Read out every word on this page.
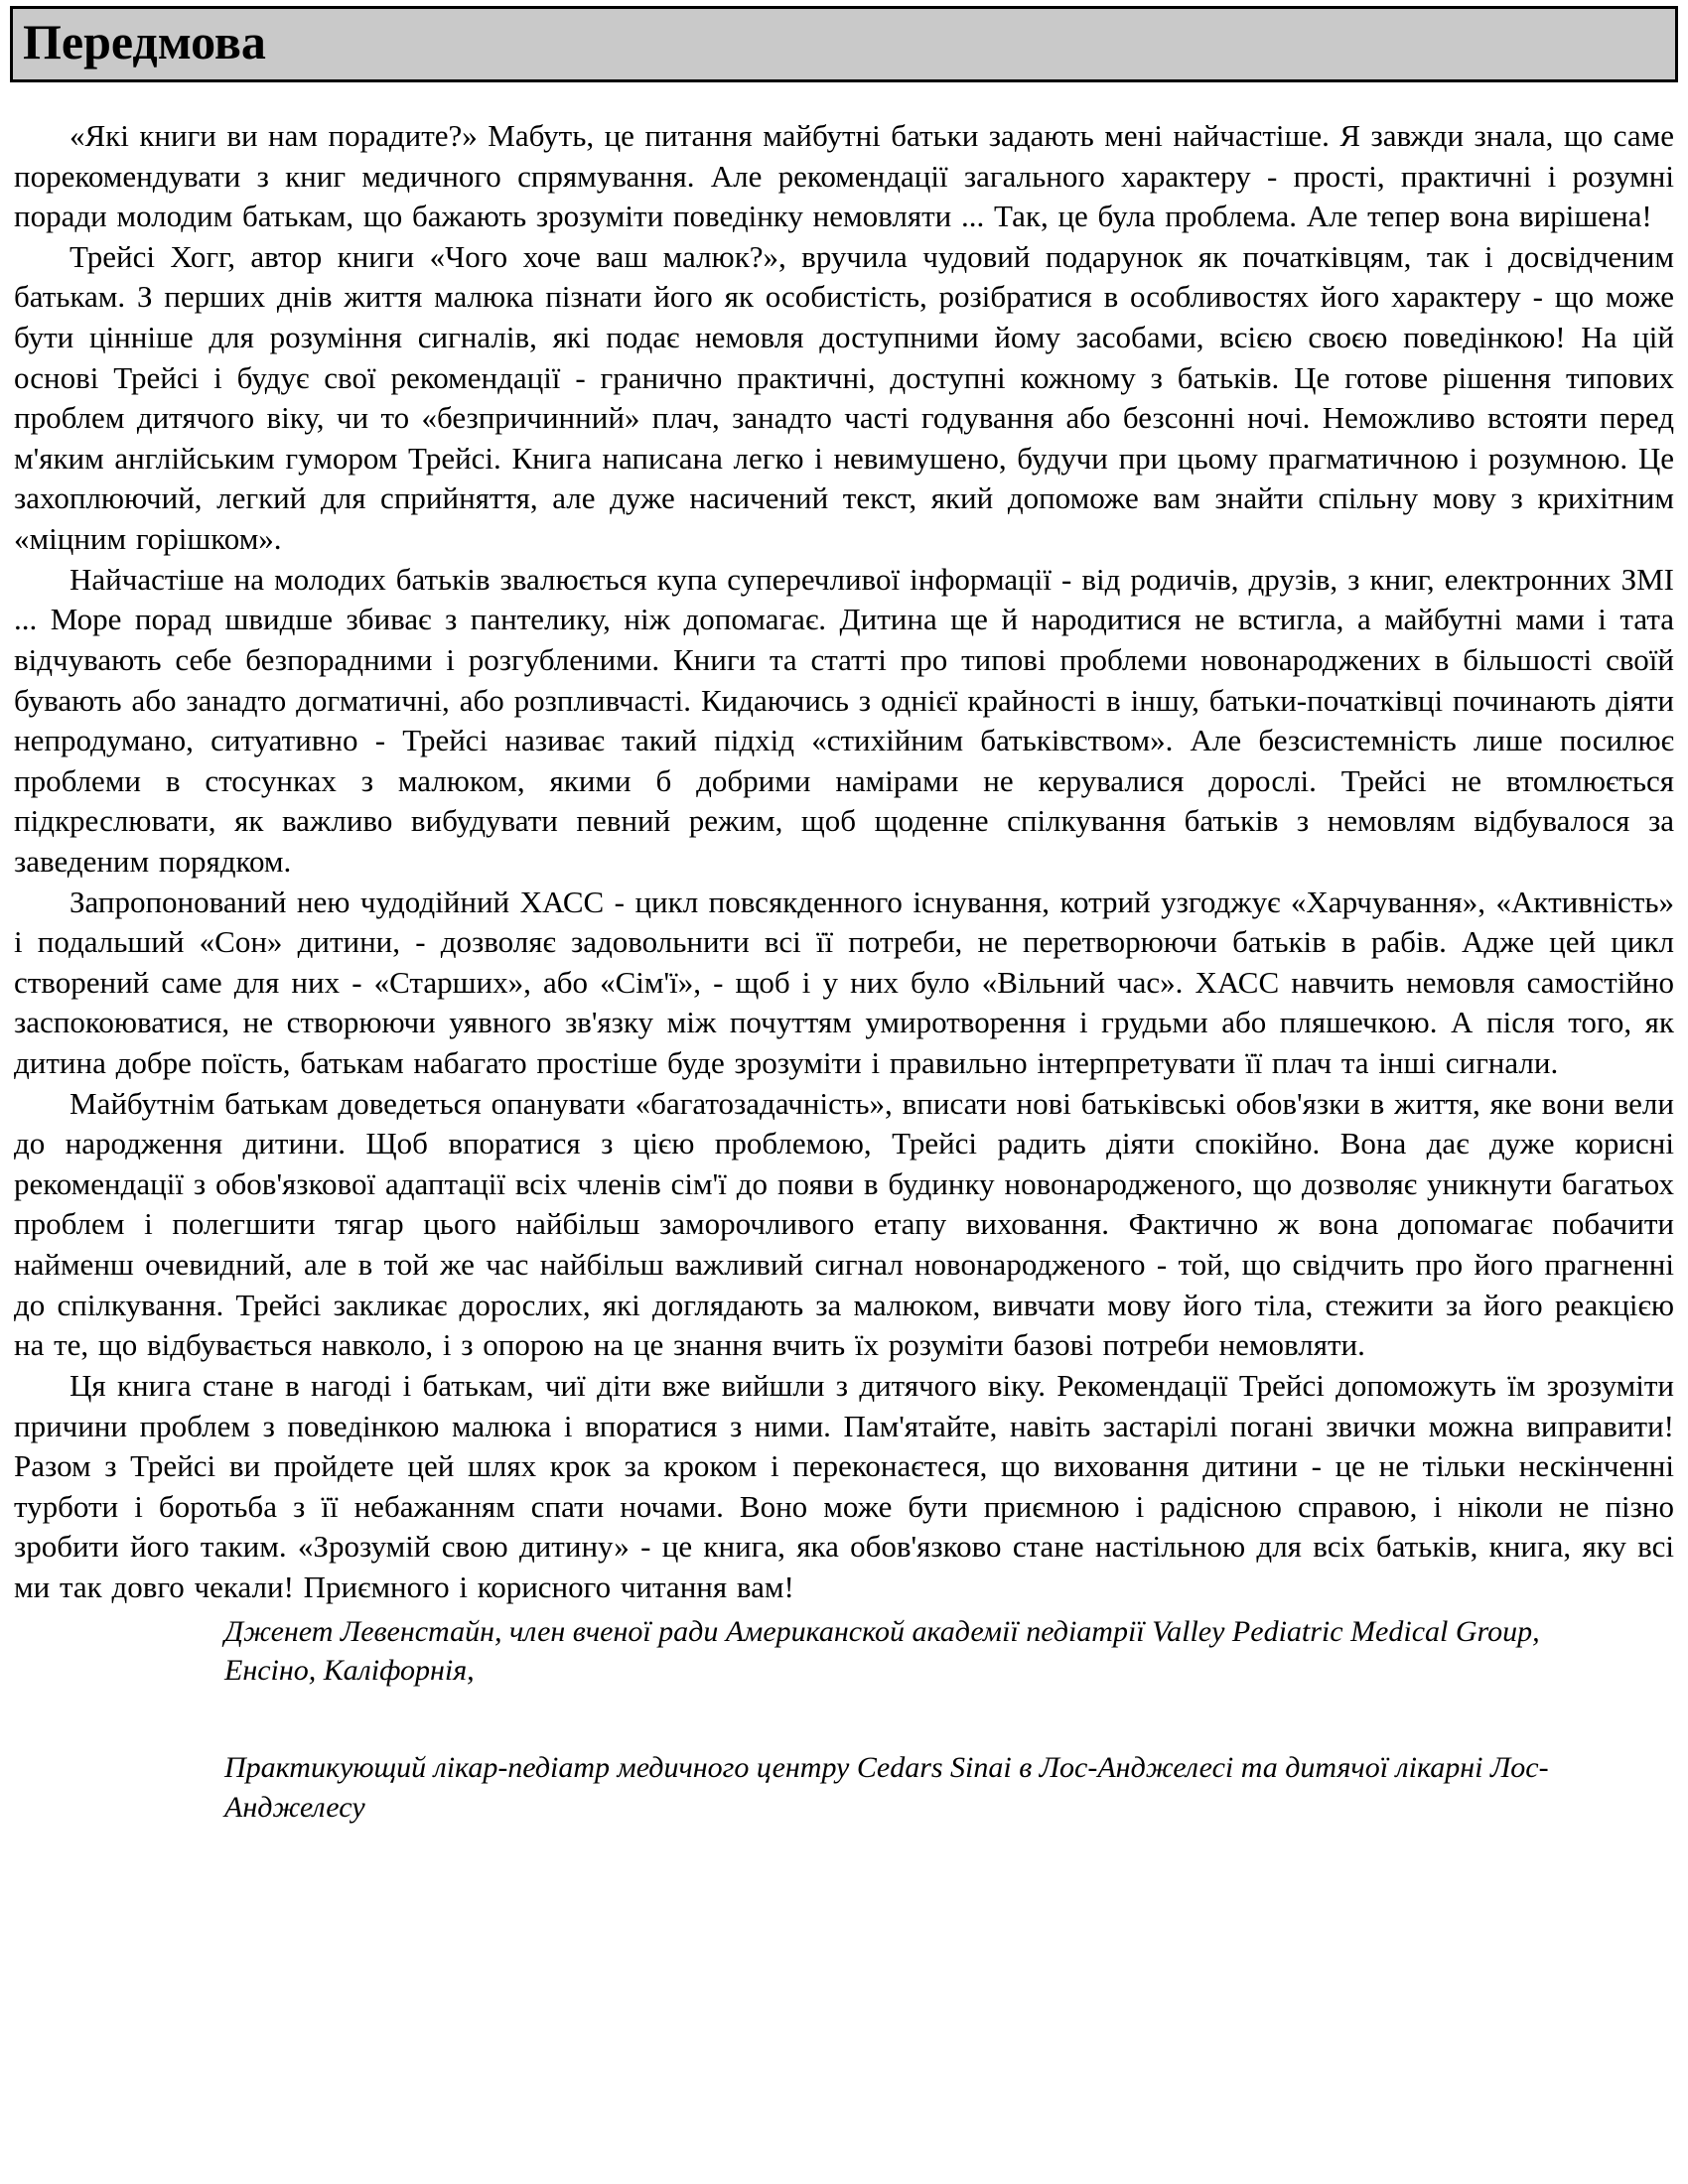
Передмова

«Які книги ви нам порадите?» Мабуть, це питання майбутні батьки задають мені найчастіше. Я завжди знала, що саме порекомендувати з книг медичного спрямування. Але рекомендації загального характеру - прості, практичні і розумні поради молодим батькам, що бажають зрозуміти поведінку немовляти ... Так, це була проблема. Але тепер вона вирішена!

Трейсі Хогг, автор книги «Чого хоче ваш малюк?», вручила чудовий подарунок як початківцям, так і досвідченим батькам. З перших днів життя малюка пізнати його як особистість, розібратися в особливостях його характеру - що може бути цінніше для розуміння сигналів, які подає немовля доступними йому засобами, всією своєю поведінкою! На цій основі Трейсі і будує свої рекомендації - гранично практичні, доступні кожному з батьків. Це готове рішення типових проблем дитячого віку, чи то «безпричинний» плач, занадто часті годування або безсонні ночі. Неможливо встояти перед м'яким англійським гумором Трейсі. Книга написана легко і невимушено, будучи при цьому прагматичною і розумною. Це захоплюючий, легкий для сприйняття, але дуже насичений текст, який допоможе вам знайти спільну мову з крихітним «міцним горішком».

Найчастіше на молодих батьків звалюється купа суперечливої інформації - від родичів, друзів, з книг, електронних ЗМІ ... Море порад швидше збиває з пантелику, ніж допомагає. Дитина ще й народитися не встигла, а майбутні мами і тата відчувають себе безпорадними і розгубленими. Книги та статті про типові проблеми новонароджених в більшості своїй бувають або занадто догматичні, або розпливчасті. Кидаючись з однієї крайності в іншу, батьки-початківці починають діяти непродумано, ситуативно - Трейсі називає такий підхід «стихійним батьківством». Але безсистемність лише посилює проблеми в стосунках з малюком, якими б добрими намірами не керувалися дорослі. Трейсі не втомлюється підкреслювати, як важливо вибудувати певний режим, щоб щоденне спілкування батьків з немовлям відбувалося за заведеним порядком.

Запропонований нею чудодійний ХАСС - цикл повсякденного існування, котрий узгоджує «Харчування», «Активність» і подальший «Сон» дитини, - дозволяє задовольнити всі її потреби, не перетворюючи батьків в рабів. Адже цей цикл створений саме для них - «Старших», або «Сім'ї», - щоб і у них було «Вільний час». ХАСС навчить немовля самостійно заспокоюватися, не створюючи уявного зв'язку між почуттям умиротворення і грудьми або пляшечкою. А після того, як дитина добре поїсть, батькам набагато простіше буде зрозуміти і правильно інтерпретувати її плач та інші сигнали.

Майбутнім батькам доведеться опанувати «багатозадачність», вписати нові батьківські обов'язки в життя, яке вони вели до народження дитини. Щоб впоратися з цією проблемою, Трейсі радить діяти спокійно. Вона дає дуже корисні рекомендації з обов'язкової адаптації всіх членів сім'ї до появи в будинку новонародженого, що дозволяє уникнути багатьох проблем і полегшити тягар цього найбільш заморочливого етапу виховання. Фактично ж вона допомагає побачити найменш очевидний, але в той же час найбільш важливий сигнал новонародженого - той, що свідчить про його прагненні до спілкування. Трейсі закликає дорослих, які доглядають за малюком, вивчати мову його тіла, стежити за його реакцією на те, що відбувається навколо, і з опорою на це знання вчить їх розуміти базові потреби немовляти.

Ця книга стане в нагоді і батькам, чиї діти вже вийшли з дитячого віку. Рекомендації Трейсі допоможуть їм зрозуміти причини проблем з поведінкою малюка і впоратися з ними. Пам'ятайте, навіть застарілі погані звички можна виправити! Разом з Трейсі ви пройдете цей шлях крок за кроком і переконаєтеся, що виховання дитини - це не тільки нескінченні турботи і боротьба з її небажанням спати ночами. Воно може бути приємною і радісною справою, і ніколи не пізно зробити його таким. «Зрозумій свою дитину» - це книга, яка обов'язково стане настільною для всіх батьків, книга, яку всі ми так довго чекали! Приємного і корисного читання вам!

Дженет Левенстайн, член вченої ради Американской академії педіатрії Valley Pediatric Medical Group, Енсіно, Каліфорнія,

Практикующий лікар-педіатр медичного центру Cedars Sinai в Лос-Анджелесі та дитячої лікарні Лос-Анджелесу
